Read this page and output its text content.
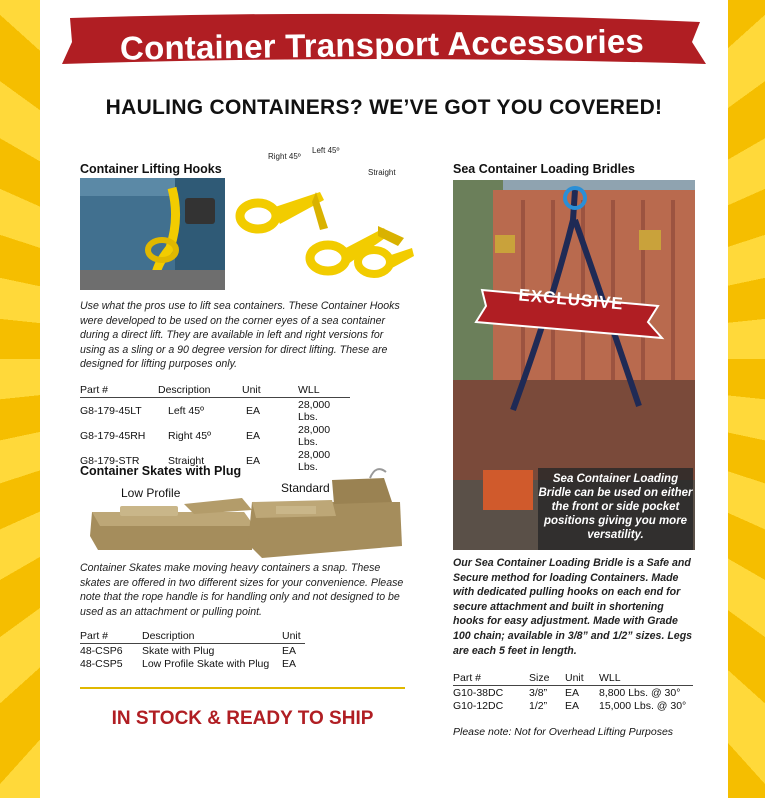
Container Transport Accessories
HAULING CONTAINERS? WE’VE GOT YOU COVERED!
Container Lifting Hooks
Right 45º
Left 45º
Straight
Use what the pros use to lift sea containers. These Container Hooks were developed to be used on the corner eyes of a sea container during a direct lift. They are available in left and right versions for using as a sling or a 90 degree version for direct lifting. These are designed for lifting purposes only.
Part #	Description	Unit	WLL
G8-179-45LT	Left 45º	EA	28,000 Lbs.
G8-179-45RH	Right 45º	EA	28,000 Lbs.
G8-179-STR	Straight	EA	28,000 Lbs.
Container Skates with Plug
Low Profile	Standard
Container Skates make moving heavy containers a snap. These skates are offered in two different sizes for your convenience. Please note that the rope handle is for handling only and not designed to be used as an attachment or pulling point.
Part #	Description	Unit
48-CSP6	Skate with Plug	EA
48-CSP5	Low Profile Skate with Plug	EA
IN STOCK & READY TO SHIP
Sea Container Loading Bridles
EXCLUSIVE
Sea Container Loading Bridle can be used on either the front or side pocket positions giving you more versatility.
Our Sea Container Loading Bridle is a Safe and Secure method for loading Containers. Made with dedicated pulling hooks on each end for secure attachment and built in shortening hooks for easy adjustment. Made with Grade 100 chain; available in 3/8” and 1/2” sizes. Legs are each 5 feet in length.
Part #	Size	Unit	WLL
G10-38DC	3/8”	EA	8,800 Lbs. @ 30°
G10-12DC	1/2”	EA	15,000 Lbs. @ 30°
Please note: Not for Overhead Lifting Purposes
